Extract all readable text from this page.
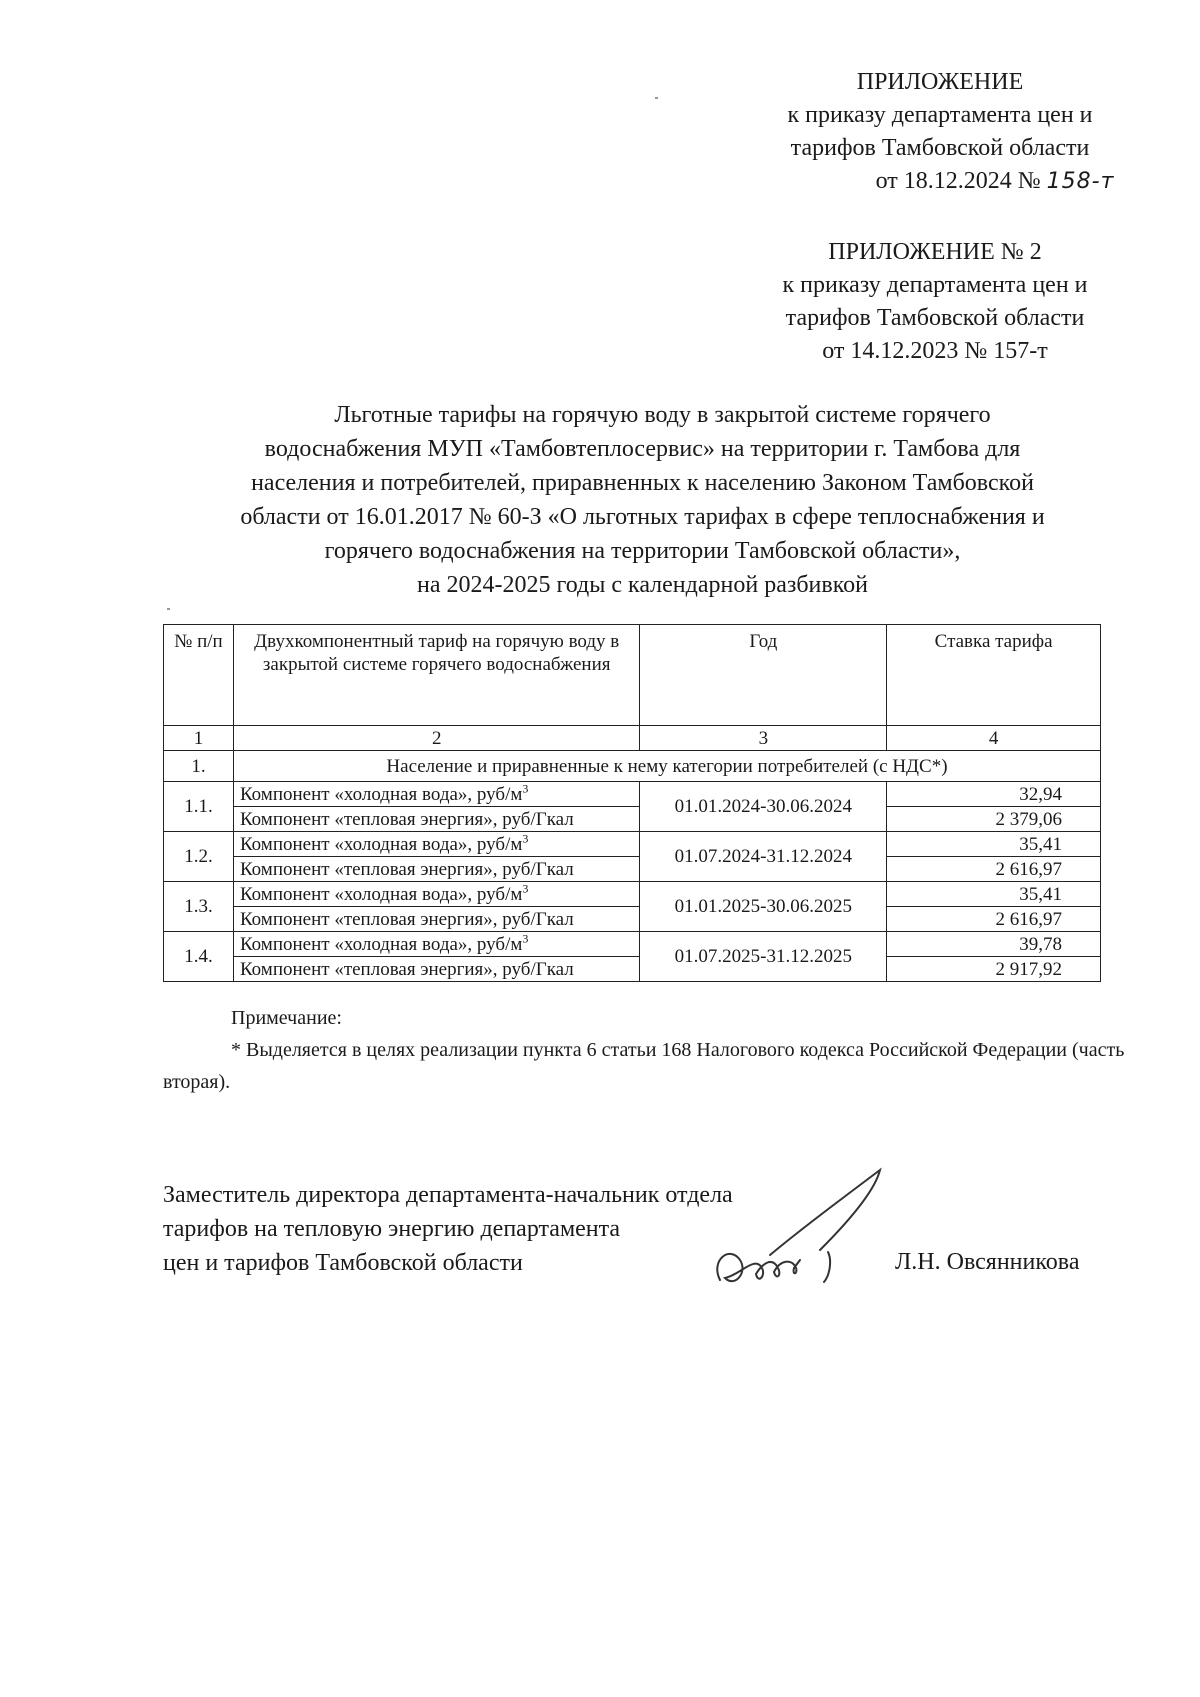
ПРИЛОЖЕНИЕ
к приказу департамента цен и
тарифов Тамбовской области
от 18.12.2024 № 158-т
ПРИЛОЖЕНИЕ № 2
к приказу департамента цен и
тарифов Тамбовской области
от 14.12.2023 № 157-т
Льготные тарифы на горячую воду в закрытой системе горячего
водоснабжения МУП «Тамбовтеплосервис» на территории г. Тамбова для
населения и потребителей, приравненных к населению Законом Тамбовской
области от 16.01.2017 № 60-З «О льготных тарифах в сфере теплоснабжения и
горячего водоснабжения на территории Тамбовской области»,
на 2024-2025 годы с календарной разбивкой
№ п/п	Двухкомпонентный тариф на горячую воду в закрытой системе горячего водоснабжения	Год	Ставка тарифа
1	2	3	4
1.	Население и приравненные к нему категории потребителей (с НДС*)		
1.1.	Компонент «холодная вода», руб/$м^3$	01.01.2024-30.06.2024	32,94
	Компонент «тепловая энергия», руб/Гкал		2 379,06
1.2.	Компонент «холодная вода», руб/$м^3$	01.07.2024-31.12.2024	35,41
	Компонент «тепловая энергия», руб/Гкал		2 616,97
1.3.	Компонент «холодная вода», руб/$м^3$	01.01.2025-30.06.2025	35,41
	Компонент «тепловая энергия», руб/Гкал		2 616,97
1.4.	Компонент «холодная вода», руб/$м^3$	01.07.2025-31.12.2025	39,78
	Компонент «тепловая энергия», руб/Гкал		2 917,92
Примечание:
* Выделяется в целях реализации пункта 6 статьи 168 Налогового кодекса Российской Федерации (часть вторая).
Заместитель директора департамента-начальник отдела
тарифов на тепловую энергию департамента
цен и тарифов Тамбовской области	Л.Н. Овсянникова
